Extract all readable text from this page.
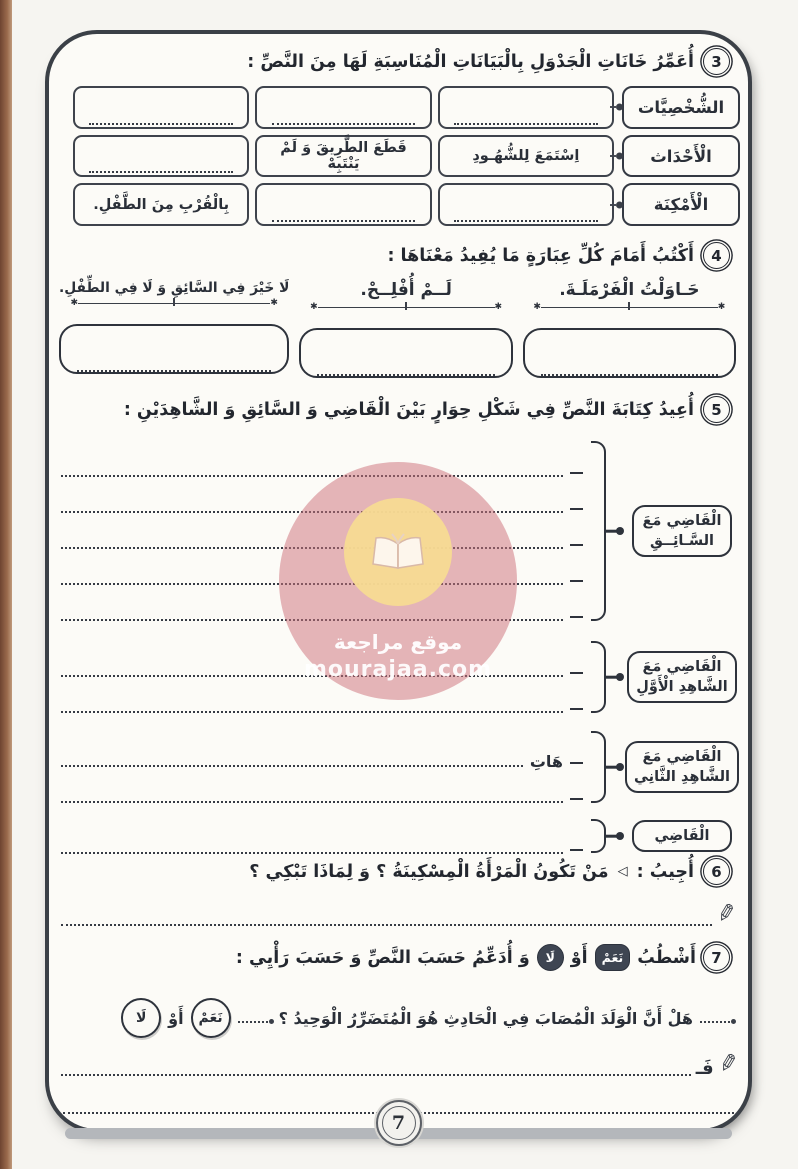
3
أُعَمِّرُ خَانَاتِ الْجَدْوَلِ بِالْبَيَانَاتِ الْمُنَاسِبَةِ لَهَا مِنَ النَّصِّ :
الشُّخْصِيَّات
الْأَحْدَاث
الْأَمْكِنَة
اِسْتَمَعَ لِلشُّهُـودِ
قَطَعَ الطَّرِيقَ وَ لَمْ يَنْتَبِهْ
بِالْقُرْبِ مِنَ الطَّفْلِ.
4
أَكْتُبُ أَمَامَ كُلِّ عِبَارَةٍ مَا يُفِيدُ مَعْنَاهَا :
حَـاوَلْتُ الْفَرْمَلَـةَ.
✱
✱
لَــمْ أُفْلِــحْ.
✱
✱
لَا خَيْرَ فِي السَّائِقِ وَ لَا فِي الطِّفْلِ.
✱
✱
5
أُعِيدُ كِتَابَةَ النَّصِّ فِي شَكْلِ حِوَارٍ بَيْنَ الْقَاضِي وَ السَّائِقِ وَ الشَّاهِدَيْنِ :
الْقَاضِي مَعَ
السَّـائِــقِ
الْقَاضِي مَعَ
الشَّاهِدِ الْأَوَّلِ
الْقَاضِي مَعَ
الشَّاهِدِ الثَّانِي
هَاتِ
الْقَاضِي
6
أُجِيبُ :
◁
مَنْ تَكُونُ الْمَرْأَةُ الْمِسْكِينَةُ ؟ وَ لِمَاذَا تَبْكِي ؟
✎
7
أَشْطُبُ
نَعَمْ
أَوْ
لَا
وَ أُدَعِّمُ حَسَبَ النَّصِّ وَ حَسَبَ رَأْيِي :
هَلْ أَنَّ الْوَلَدَ الْمُصَابَ فِي الْحَادِثِ هُوَ الْمُتَضَرِّرُ الْوَحِيدُ ؟
نَعَمْ
أَوْ
لَا
✎
فَـ
7
موقع مراجعة
mourajaa.com
